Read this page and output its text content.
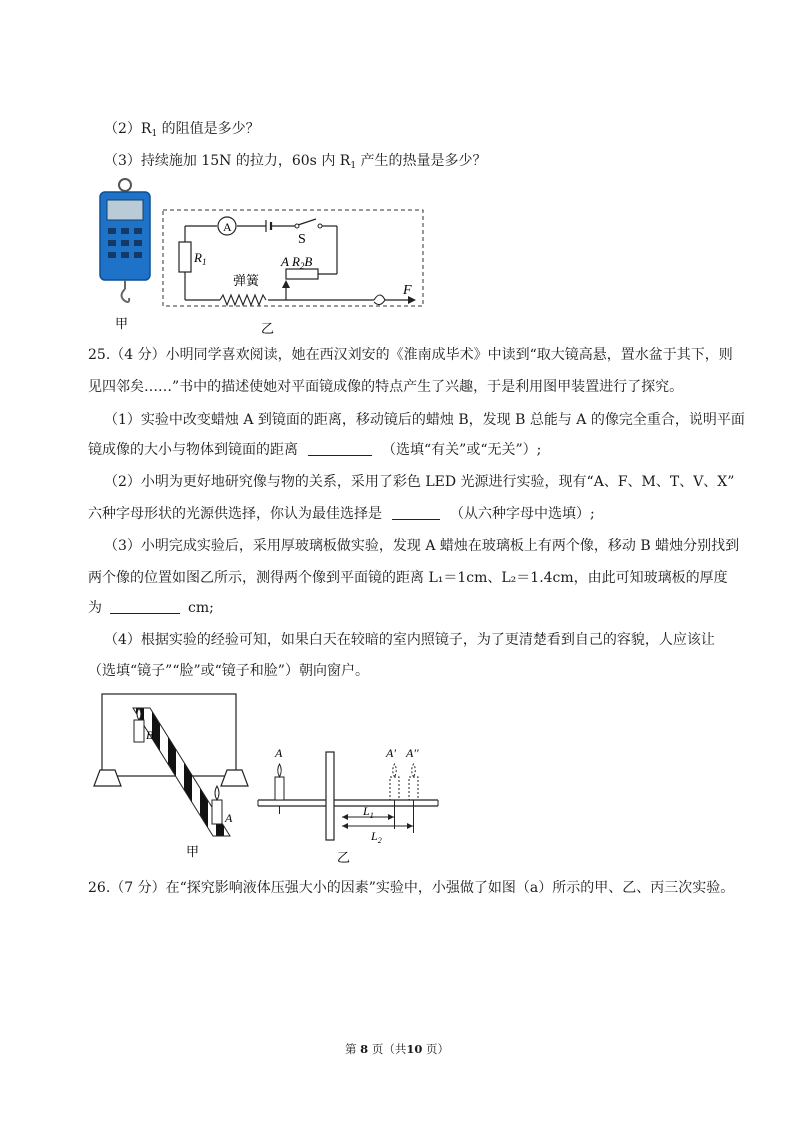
$(2)R_1$ 的阻值是多少？
（3）持续施加 15N 的拉力，60s 内 $R_1$ 产生的热量是多少？
甲
A
S
$R_1$
弹簧
A $R_2B$
F
乙
25.（4 分）小明同学喜欢阅读，她在西汉刘安的《淮南成毕术》中读到“取大镜高悬，置水盆于其下，则
见四邻矣……”书中的描述使她对平面镜成像的特点产生了兴趣，于是利用图甲装置进行了探究。
（1）实验中改变蜡烛 A 到镜面的距离，移动镜后的蜡烛 B，发现 B 总能与 A 的像完全重合，说明平面
镜成像的大小与物体到镜面的距离	（选填“有关”或“无关”）;
（2）小明为更好地研究像与物的关系，采用了彩色 LED 光源进行实验，现有“A、F、M、T、V、X”
六种字母形状的光源供选择，你认为最佳选择是	（从六种字母中选填）;
（3）小明完成实验后，采用厚玻璃板做实验，发现 A 蜡烛在玻璃板上有两个像，移动 B 蜡烛分别找到
两个像的位置如图乙所示，测得两个像到平面镜的距离 L₁＝1cm、L₂＝1.4cm，由此可知玻璃板的厚度
为	cm;
（4）根据实验的经验可知，如果白天在较暗的室内照镜子，为了更清楚看到自己的容貌，人应该让
（选填“镜子”“脸”或“镜子和脸”）朝向窗户。
B
A
甲
A	A′ A′′
$L_1$
$L_2$
乙
26.（7 分）在“探究影响液体压强大小的因素”实验中，小强做了如图（a）所示的甲、乙、丙三次实验。
第 8 页（共10 页）
